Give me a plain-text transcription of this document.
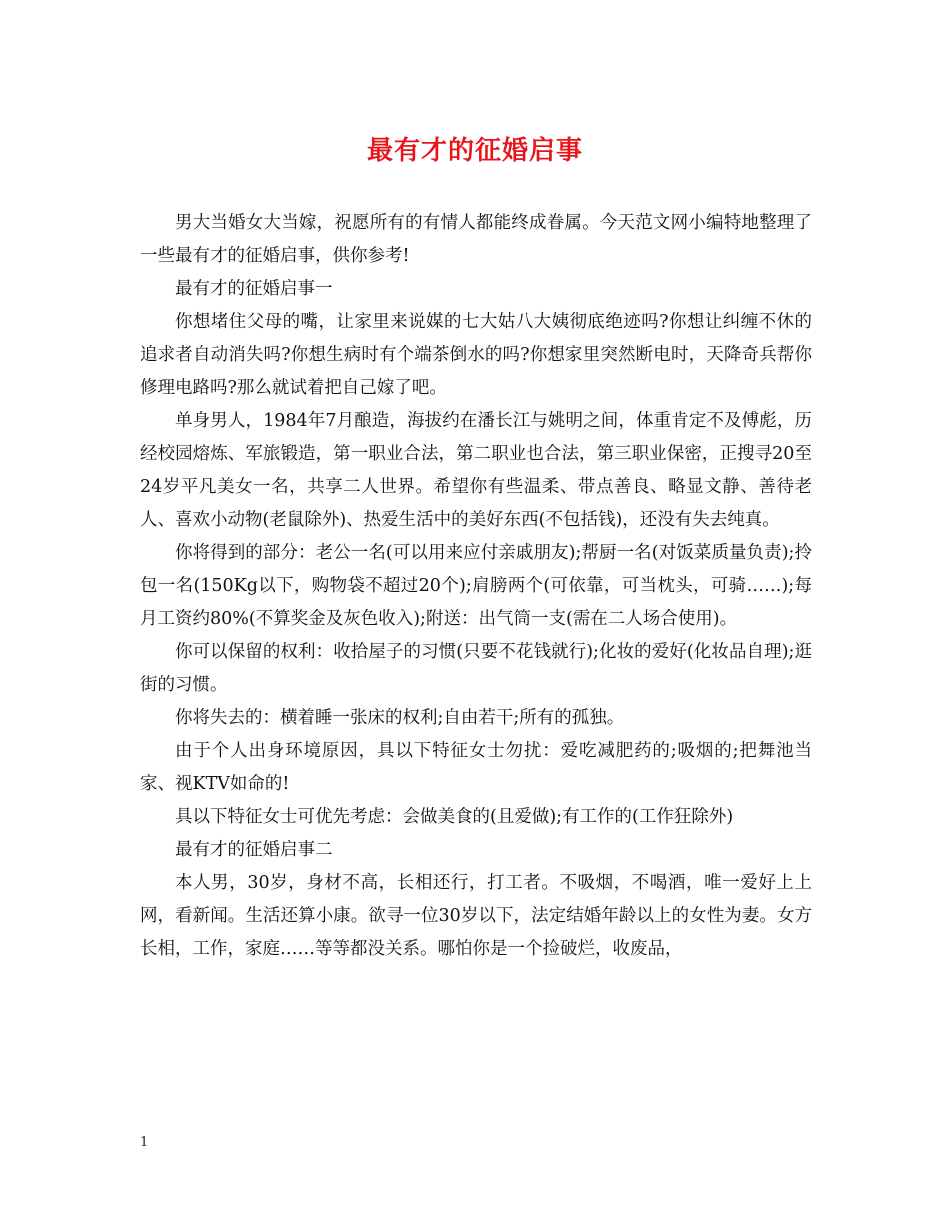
最有才的征婚启事

男大当婚女大当嫁，祝愿所有的有情人都能终成眷属。今天范文网小编特地整理了一些最有才的征婚启事，供你参考!

最有才的征婚启事一

你想堵住父母的嘴，让家里来说媒的七大姑八大姨彻底绝迹吗?你想让纠缠不休的追求者自动消失吗?你想生病时有个端茶倒水的吗?你想家里突然断电时，天降奇兵帮你修理电路吗?那么就试着把自己嫁了吧。

单身男人，1984年7月酿造，海拔约在潘长江与姚明之间，体重肯定不及傅彪，历经校园熔炼、军旅锻造，第一职业合法，第二职业也合法，第三职业保密，正搜寻20至24岁平凡美女一名，共享二人世界。希望你有些温柔、带点善良、略显文静、善待老人、喜欢小动物(老鼠除外)、热爱生活中的美好东西(不包括钱)，还没有失去纯真。

你将得到的部分：老公一名(可以用来应付亲戚朋友);帮厨一名(对饭菜质量负责);拎包一名(150Kg以下，购物袋不超过20个);肩膀两个(可依靠，可当枕头，可骑……);每月工资约80%(不算奖金及灰色收入);附送：出气筒一支(需在二人场合使用)。

你可以保留的权利：收拾屋子的习惯(只要不花钱就行);化妆的爱好(化妆品自理);逛街的习惯。

你将失去的：横着睡一张床的权利;自由若干;所有的孤独。

由于个人出身环境原因，具以下特征女士勿扰：爱吃减肥药的;吸烟的;把舞池当家、视KTV如命的!

具以下特征女士可优先考虑：会做美食的(且爱做);有工作的(工作狂除外)

最有才的征婚启事二

本人男，30岁，身材不高，长相还行，打工者。不吸烟，不喝酒，唯一爱好上上网，看新闻。生活还算小康。欲寻一位30岁以下，法定结婚年龄以上的女性为妻。女方长相，工作，家庭……等等都没关系。哪怕你是一个捡破烂，收废品，

1
